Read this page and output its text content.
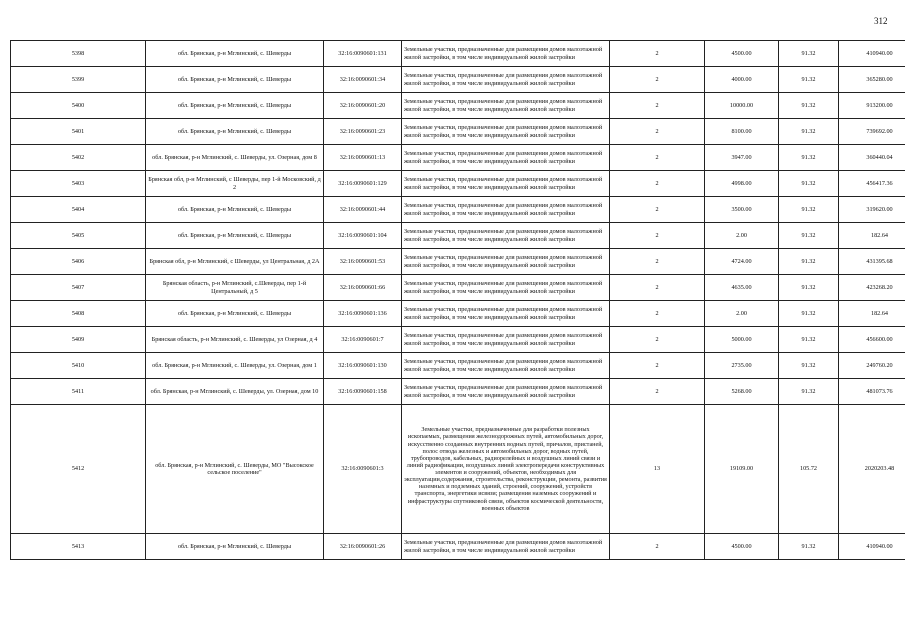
312
5398	обл. Брянская, р-н Мглинский, с. Шеверды	32:16:0090601:131	Земельные участки, предназначенные для размещения домов малоэтажной жилой застройки, в том числе индивидуальной жилой застройки	2	4500.00	91.32	410940.00
5399	обл. Брянская, р-н Мглинский, с. Шеверды	32:16:0090601:34	Земельные участки, предназначенные для размещения домов малоэтажной жилой застройки, в том числе индивидуальной жилой застройки	2	4000.00	91.32	365280.00
5400	обл. Брянская, р-н Мглинский, с. Шеверды	32:16:0090601:20	Земельные участки, предназначенные для размещения домов малоэтажной жилой застройки, в том числе индивидуальной жилой застройки	2	10000.00	91.32	913200.00
5401	обл. Брянская, р-н Мглинский, с. Шеверды	32:16:0090601:23	Земельные участки, предназначенные для размещения домов малоэтажной жилой застройки, в том числе индивидуальной жилой застройки	2	8100.00	91.32	739692.00
5402	обл. Брянская, р-н Мглинский, с. Шеверды, ул. Озерная, дом 8	32:16:0090601:13	Земельные участки, предназначенные для размещения домов малоэтажной жилой застройки, в том числе индивидуальной жилой застройки	2	3947.00	91.32	360440.04
5403	Брянская обл, р-н Мглинский, с Шеверды, пер 1-й Московский, д 2	32:16:0090601:129	Земельные участки, предназначенные для размещения домов малоэтажной жилой застройки, в том числе индивидуальной жилой застройки	2	4998.00	91.32	456417.36
5404	обл. Брянская, р-н Мглинский, с. Шеверды	32:16:0090601:44	Земельные участки, предназначенные для размещения домов малоэтажной жилой застройки, в том числе индивидуальной жилой застройки	2	3500.00	91.32	319620.00
5405	обл. Брянская, р-н Мглинский, с. Шеверды	32:16:0090601:104	Земельные участки, предназначенные для размещения домов малоэтажной жилой застройки, в том числе индивидуальной жилой застройки	2	2.00	91.32	182.64
5406	Брянская обл, р-н Мглинский, с Шеверды, ул Центральная, д 2А	32:16:0090601:53	Земельные участки, предназначенные для размещения домов малоэтажной жилой застройки, в том числе индивидуальной жилой застройки	2	4724.00	91.32	431395.68
5407	Брянская область, р-н Мглинский, с.Шеверды, пер 1-й Центральный, д 5	32:16:0090601:66	Земельные участки, предназначенные для размещения домов малоэтажной жилой застройки, в том числе индивидуальной жилой застройки	2	4635.00	91.32	423268.20
5408	обл. Брянская, р-н Мглинский, с. Шеверды	32:16:0090601:136	Земельные участки, предназначенные для размещения домов малоэтажной жилой застройки, в том числе индивидуальной жилой застройки	2	2.00	91.32	182.64
5409	Брянская область, р-н Мглинский, с. Шеверды, ул Озерная, д 4	32:16:0090601:7	Земельные участки, предназначенные для размещения домов малоэтажной жилой застройки, в том числе индивидуальной жилой застройки	2	5000.00	91.32	456600.00
5410	обл. Брянская, р-н Мглинский, с. Шеверды, ул. Озерная, дом 1	32:16:0090601:130	Земельные участки, предназначенные для размещения домов малоэтажной жилой застройки, в том числе индивидуальной жилой застройки	2	2735.00	91.32	249760.20
5411	обл. Брянская, р-н Мглинский, с. Шеверды, ул. Озерная, дом 10	32:16:0090601:158	Земельные участки, предназначенные для размещения домов малоэтажной жилой застройки, в том числе индивидуальной жилой застройки	2	5268.00	91.32	481073.76
5412	обл. Брянская, р-н Мглинский, с. Шеверды, МО "Высокское сельское поселение"	32:16:0090601:3	Земельные участки, предназначенные для разработки полезных ископаемых, размещения железнодорожных путей, автомобильных дорог, искусственно созданных внутренних водных путей, причалов, пристаней, полос отвода железных и автомобильных дорог, водных путей, трубопроводов, кабельных, радиорелейных и воздушных линий связи и линий радиофикации, воздушных линий электропередачи конструктивных элементов и сооружений, объектов, необходимых для эксплуатации,содержания, строительства, реконструкции, ремонта, развития наземных и подземных зданий, строений, сооружений, устройств транспорта, энергетики исвязи; размещения наземных сооружений и инфраструктуры спутниковой связи, объектов космической деятельности, военных объектов	13	19109.00	105.72	2020203.48
5413	обл. Брянская, р-н Мглинский, с. Шеверды	32:16:0090601:26	Земельные участки, предназначенные для размещения домов малоэтажной жилой застройки, в том числе индивидуальной жилой застройки	2	4500.00	91.32	410940.00
